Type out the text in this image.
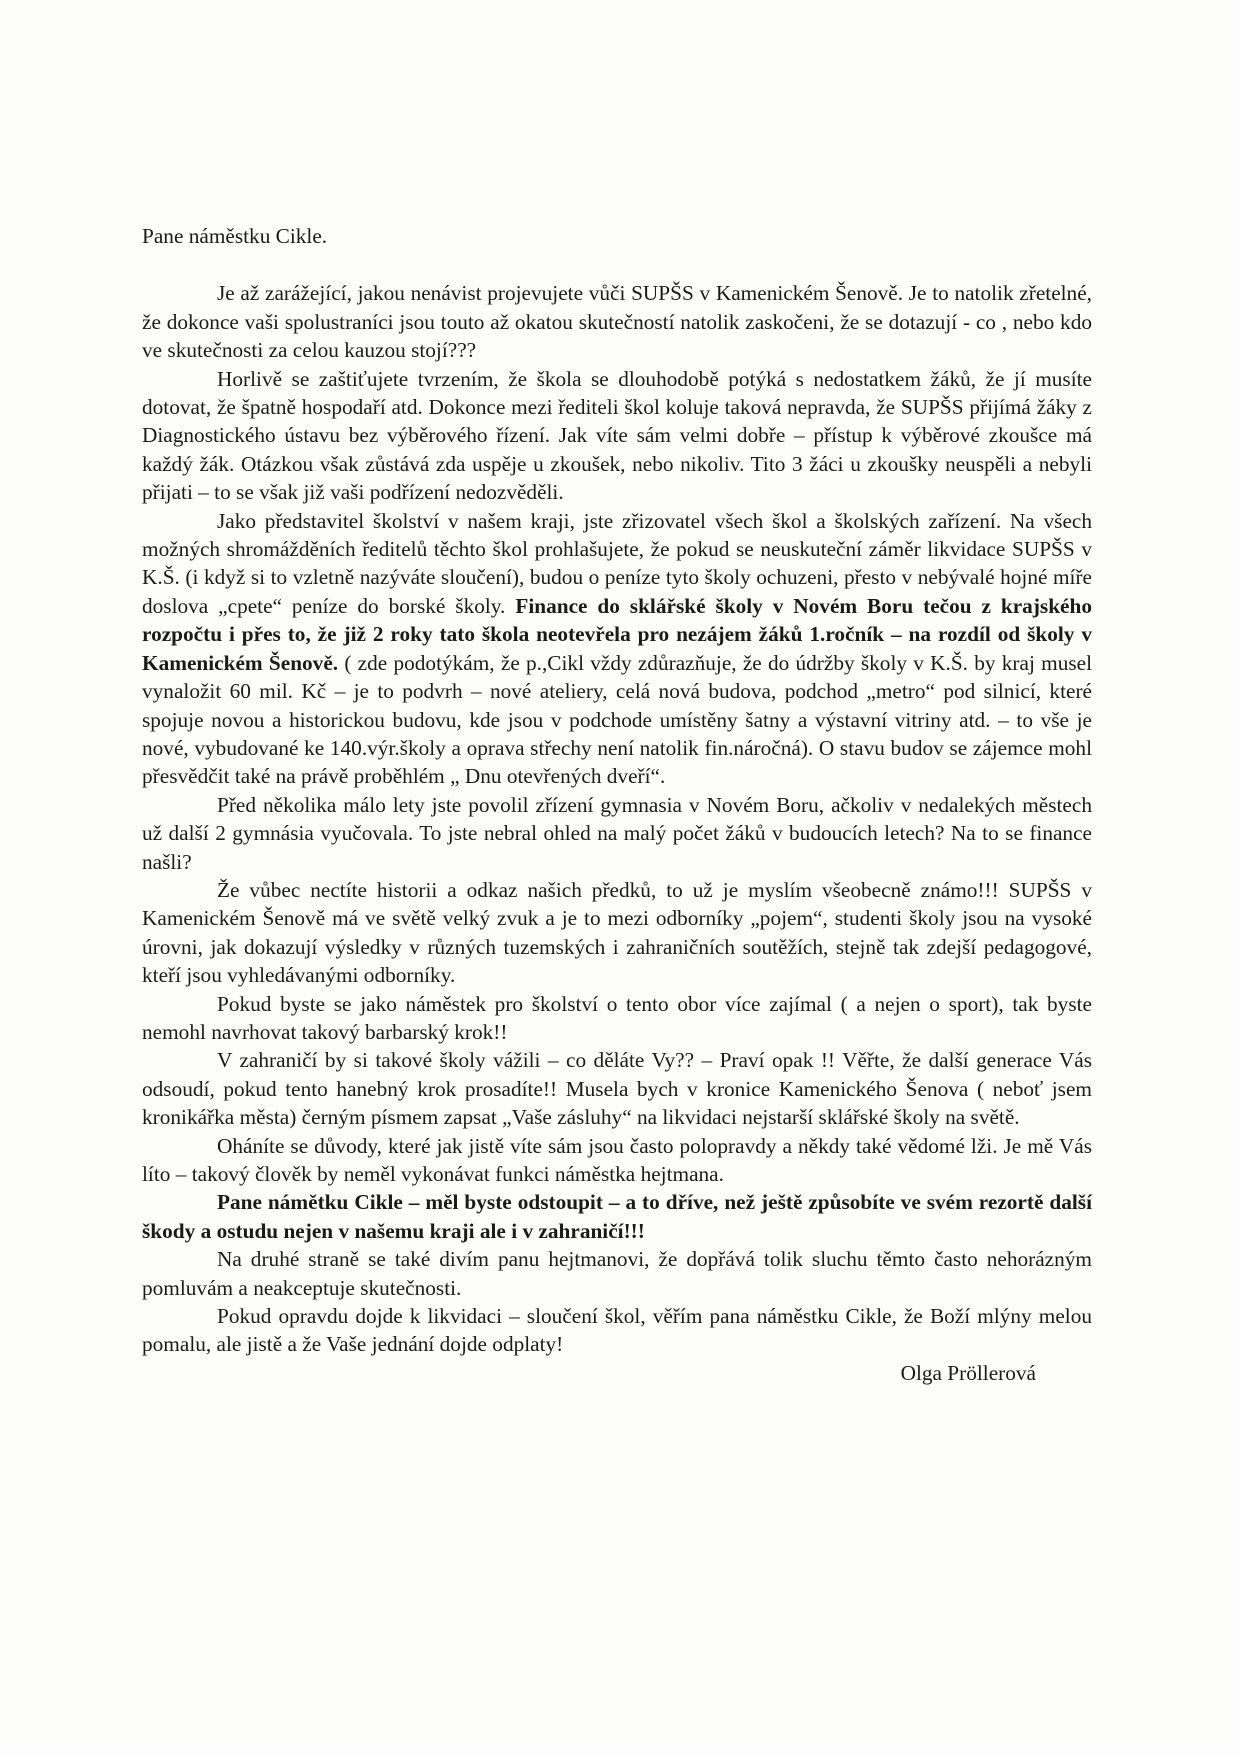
Pane náměstku Cikle.

Je až zarážející, jakou nenávist projevujete vůči SUPŠS v Kamenickém Šenově. Je to natolik zřetelné, že dokonce vaši spolustraníci jsou touto až okatou skutečností natolik zaskočeni, že se dotazují - co , nebo kdo ve skutečnosti za celou kauzou stojí???

Horlivě se zaštiťujete tvrzením, že škola se dlouhodobě potýká s nedostatkem žáků, že jí musíte dotovat, že špatně hospodaří atd. Dokonce mezi řediteli škol koluje taková nepravda, že SUPŠS přijímá žáky z Diagnostického ústavu bez výběrového řízení. Jak víte sám velmi dobře – přístup k výběrové zkoušce má každý žák. Otázkou však zůstává zda uspěje u zkoušek, nebo nikoliv. Tito 3 žáci u zkoušky neuspěli a nebyli přijati – to se však již vaši podřízení nedozvěděli.

Jako představitel školství v našem kraji, jste zřizovatel všech škol a školských zařízení. Na všech možných shromážděních ředitelů těchto škol prohlašujete, že pokud se neuskuteční záměr likvidace SUPŠS v K.Š. (i když si to vzletně nazýváte sloučení), budou o peníze tyto školy ochuzeni, přesto v nebývalé hojné míře doslova „cpete“ peníze do borské školy. Finance do sklářské školy v Novém Boru tečou z krajského rozpočtu i přes to, že již 2 roky tato škola neotevřela pro nezájem žáků 1.ročník – na rozdíl od školy v Kamenickém Šenově. ( zde podotýkám, že p.,Cikl vždy zdůrazňuje, že do údržby školy v K.Š. by kraj musel vynaložit 60 mil. Kč – je to podvrh – nové ateliery, celá nová budova, podchod „metro“ pod silnicí, které spojuje novou a historickou budovu, kde jsou v podchode umístěny šatny a výstavní vitriny atd. – to vše je nové, vybudované ke 140.výr.školy a oprava střechy není natolik fin.náročná). O stavu budov se zájemce mohl přesvědčit také na právě proběhlém „ Dnu otevřených dveří“.

Před několika málo lety jste povolil zřízení gymnasia v Novém Boru, ačkoliv v nedalekých městech už další 2 gymnásia vyučovala. To jste nebral ohled na malý počet žáků v budoucích letech? Na to se finance našli?

Že vůbec nectíte historii a odkaz našich předků, to už je myslím všeobecně známo!!! SUPŠS v Kamenickém Šenově má ve světě velký zvuk a je to mezi odborníky „pojem“, studenti školy jsou na vysoké úrovni, jak dokazují výsledky v různých tuzemských i zahraničních soutěžích, stejně tak zdejší pedagogové, kteří jsou vyhledávanými odborníky.

Pokud byste se jako náměstek pro školství o tento obor více zajímal ( a nejen o sport), tak byste nemohl navrhovat takový barbarský krok!!

V zahraničí by si takové školy vážili – co děláte Vy?? – Praví opak !! Věřte, že další generace Vás odsoudí, pokud tento hanebný krok prosadíte!! Musela bych v kronice Kamenického Šenova ( neboť jsem kronikářka města) černým písmem zapsat „Vaše zásluhy“ na likvidaci nejstarší sklářské školy na světě.

Oháníte se důvody, které jak jistě víte sám jsou často polopravdy a někdy také vědomé lži. Je mě Vás líto – takový člověk by neměl vykonávat funkci náměstka hejtmana.

Pane námětku Cikle – měl byste odstoupit – a to dříve, než ještě způsobíte ve svém rezortě další škody a ostudu nejen v našemu kraji ale i v zahraničí!!!

Na druhé straně se také divím panu hejtmanovi, že dopřává tolik sluchu těmto často nehorázným pomluvám a neakceptuje skutečnosti.

Pokud opravdu dojde k likvidaci – sloučení škol, věřím pana náměstku Cikle, že Boží mlýny melou pomalu, ale jistě a že Vaše jednání dojde odplaty!

Olga Pröllerová
